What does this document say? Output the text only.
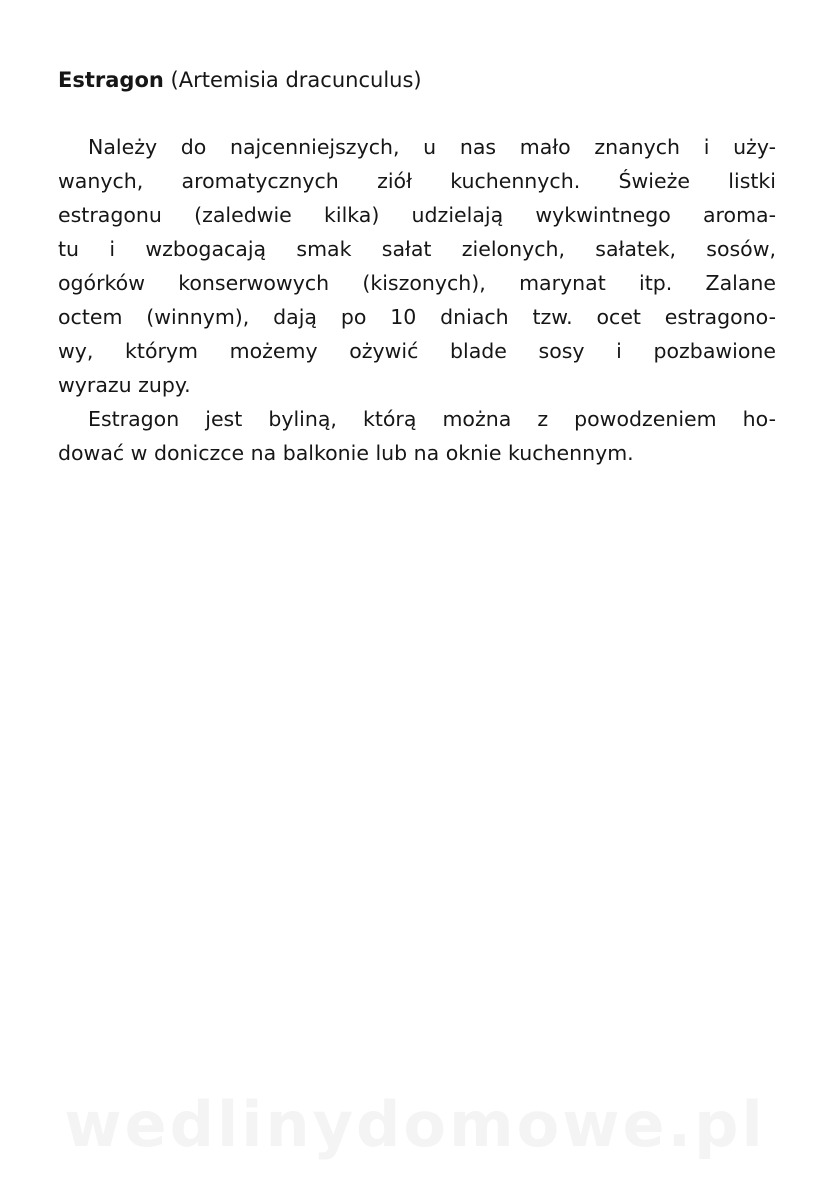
Estragon (Artemisia dracunculus)
Należy do najcenniejszych, u nas mało znanych i uży-
wanych, aromatycznych ziół kuchennych. Świeże listki
estragonu (zaledwie kilka) udzielają wykwintnego aroma-
tu i wzbogacają smak sałat zielonych, sałatek, sosów,
ogórków konserwowych (kiszonych), marynat itp. Zalane
octem (winnym), dają po 10 dniach tzw. ocet estragono-
wy, którym możemy ożywić blade sosy i pozbawione
wyrazu zupy.
Estragon jest byliną, którą można z powodzeniem ho-
dować w doniczce na balkonie lub na oknie kuchennym.
wedlinydomowe.pl
